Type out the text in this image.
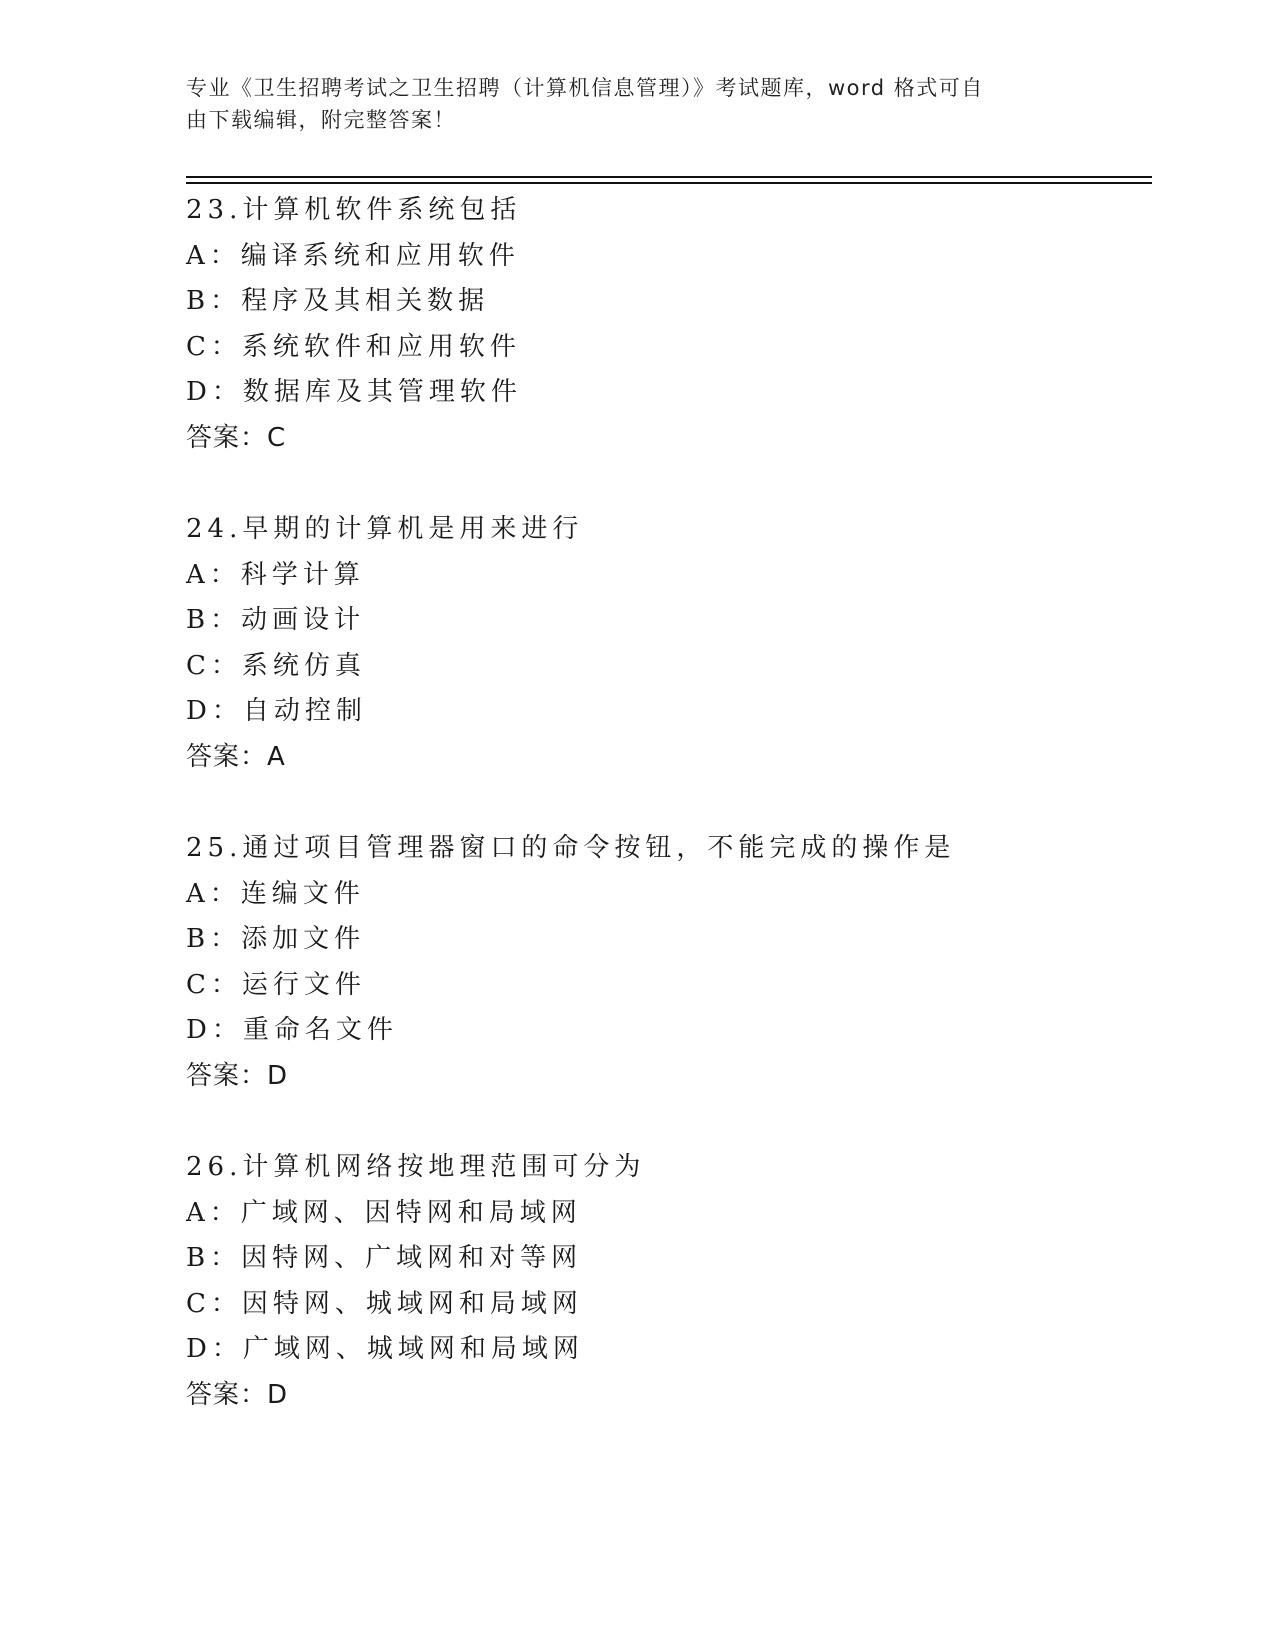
专业《卫生招聘考试之卫生招聘（计算机信息管理）》考试题库，word 格式可自
由下载编辑，附完整答案！
23.计算机软件系统包括
A：编译系统和应用软件
B：程序及其相关数据
C：系统软件和应用软件
D：数据库及其管理软件
答案：C
24.早期的计算机是用来进行
A：科学计算
B：动画设计
C：系统仿真
D：自动控制
答案：A
25.通过项目管理器窗口的命令按钮，不能完成的操作是
A：连编文件
B：添加文件
C：运行文件
D：重命名文件
答案：D
26.计算机网络按地理范围可分为
A：广域网、因特网和局域网
B：因特网、广域网和对等网
C：因特网、城域网和局域网
D：广域网、城域网和局域网
答案：D
